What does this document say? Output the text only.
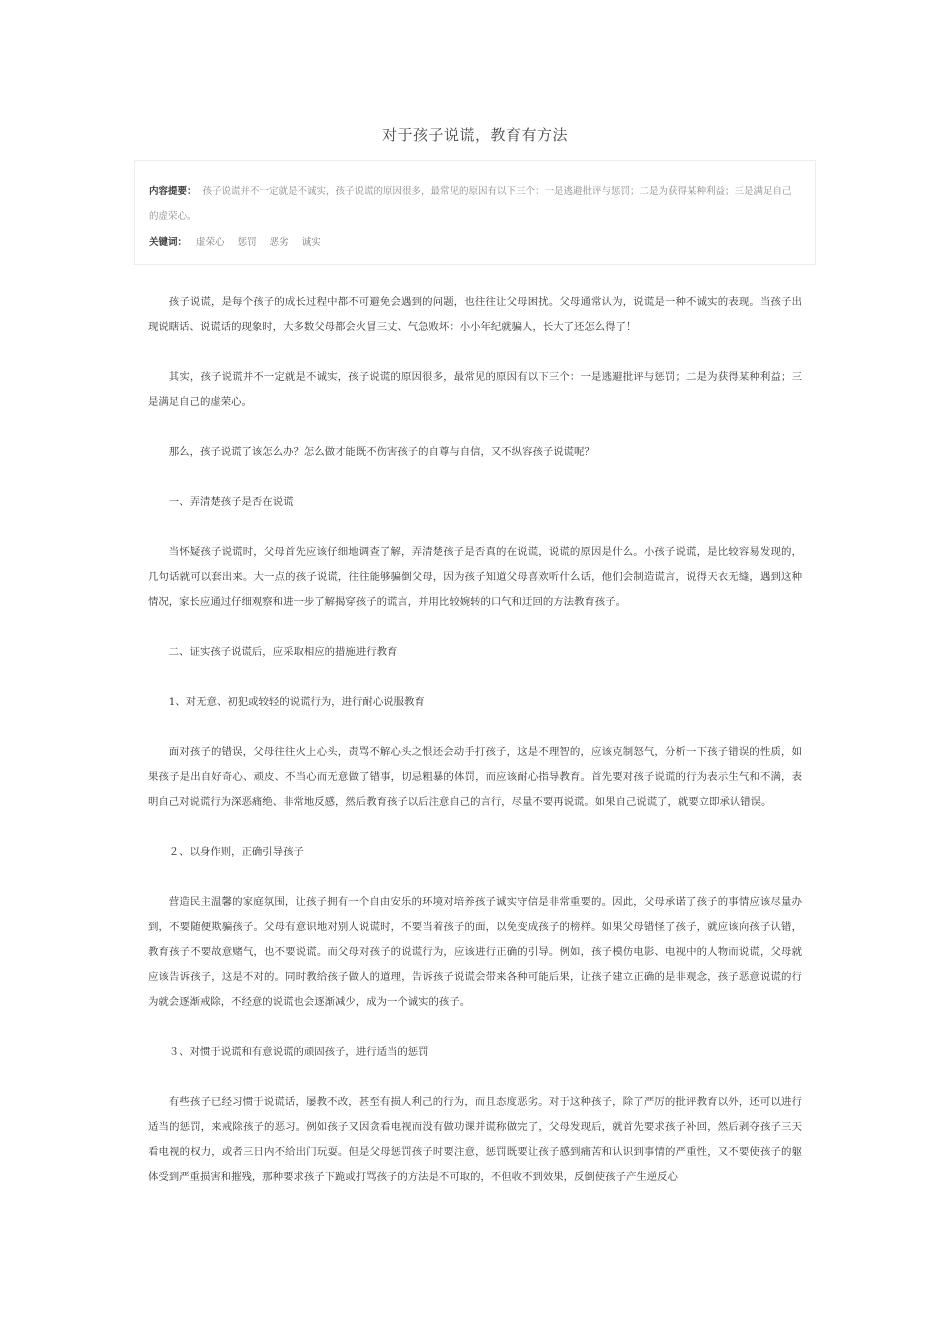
对于孩子说谎，教育有方法
内容提要： 孩子说谎并不一定就是不诚实，孩子说谎的原因很多，最常见的原因有以下三个：一是逃避批评与惩罚；二是为获得某种利益；三是满足自己的虚荣心。
关键词： 虚荣心 惩罚 恶劣 诚实

孩子说谎，是每个孩子的成长过程中都不可避免会遇到的问题，也往往让父母困扰。父母通常认为，说谎是一种不诚实的表现。当孩子出现说瞎话、说谎话的现象时，大多数父母都会火冒三丈、气急败坏：小小年纪就骗人，长大了还怎么得了！

其实，孩子说谎并不一定就是不诚实，孩子说谎的原因很多，最常见的原因有以下三个：一是逃避批评与惩罚；二是为获得某种利益；三是满足自己的虚荣心。

那么，孩子说谎了该怎么办？怎么做才能既不伤害孩子的自尊与自信，又不纵容孩子说谎呢？

一、弄清楚孩子是否在说谎

当怀疑孩子说谎时，父母首先应该仔细地调查了解，弄清楚孩子是否真的在说谎，说谎的原因是什么。小孩子说谎，是比较容易发现的，几句话就可以套出来。大一点的孩子说谎，往往能够骗倒父母，因为孩子知道父母喜欢听什么话，他们会制造谎言，说得天衣无缝，遇到这种情况，家长应通过仔细观察和进一步了解揭穿孩子的谎言，并用比较婉转的口气和迂回的方法教育孩子。

二、证实孩子说谎后，应采取相应的措施进行教育

1、对无意、初犯或较轻的说谎行为，进行耐心说服教育

面对孩子的错误，父母往往火上心头，责骂不解心头之恨还会动手打孩子，这是不理智的，应该克制怒气，分析一下孩子错误的性质，如果孩子是出自好奇心、顽皮、不当心而无意做了错事，切忌粗暴的体罚，而应该耐心指导教育。首先要对孩子说谎的行为表示生气和不满，表明自己对说谎行为深恶痛绝、非常地反感，然后教育孩子以后注意自己的言行，尽量不要再说谎。如果自己说谎了，就要立即承认错误。

２、以身作则，正确引导孩子

营造民主温馨的家庭氛围，让孩子拥有一个自由安乐的环境对培养孩子诚实守信是非常重要的。因此，父母承诺了孩子的事情应该尽量办到，不要随便欺骗孩子。父母有意识地对别人说谎时，不要当着孩子的面，以免变成孩子的榜样。如果父母错怪了孩子，就应该向孩子认错，教育孩子不要故意赌气，也不要说谎。而父母对孩子的说谎行为，应该进行正确的引导。例如，孩子模仿电影、电视中的人物而说谎，父母就应该告诉孩子，这是不对的。同时教给孩子做人的道理，告诉孩子说谎会带来各种可能后果，让孩子建立正确的是非观念，孩子恶意说谎的行为就会逐渐戒除，不经意的说谎也会逐渐减少，成为一个诚实的孩子。

３、对惯于说谎和有意说谎的顽固孩子，进行适当的惩罚

有些孩子已经习惯于说谎话，屡教不改，甚至有损人利己的行为，而且态度恶劣。对于这种孩子，除了严厉的批评教育以外，还可以进行适当的惩罚，来戒除孩子的恶习。例如孩子又因贪看电视而没有做功课并谎称做完了，父母发现后，就首先要求孩子补回，然后剥夺孩子三天看电视的权力，或者三日内不给出门玩耍。但是父母惩罚孩子时要注意，惩罚既要让孩子感到痛苦和认识到事情的严重性，又不要使孩子的躯体受到严重损害和摧残，那种要求孩子下跪或打骂孩子的方法是不可取的，不但收不到效果，反倒使孩子产生逆反心
